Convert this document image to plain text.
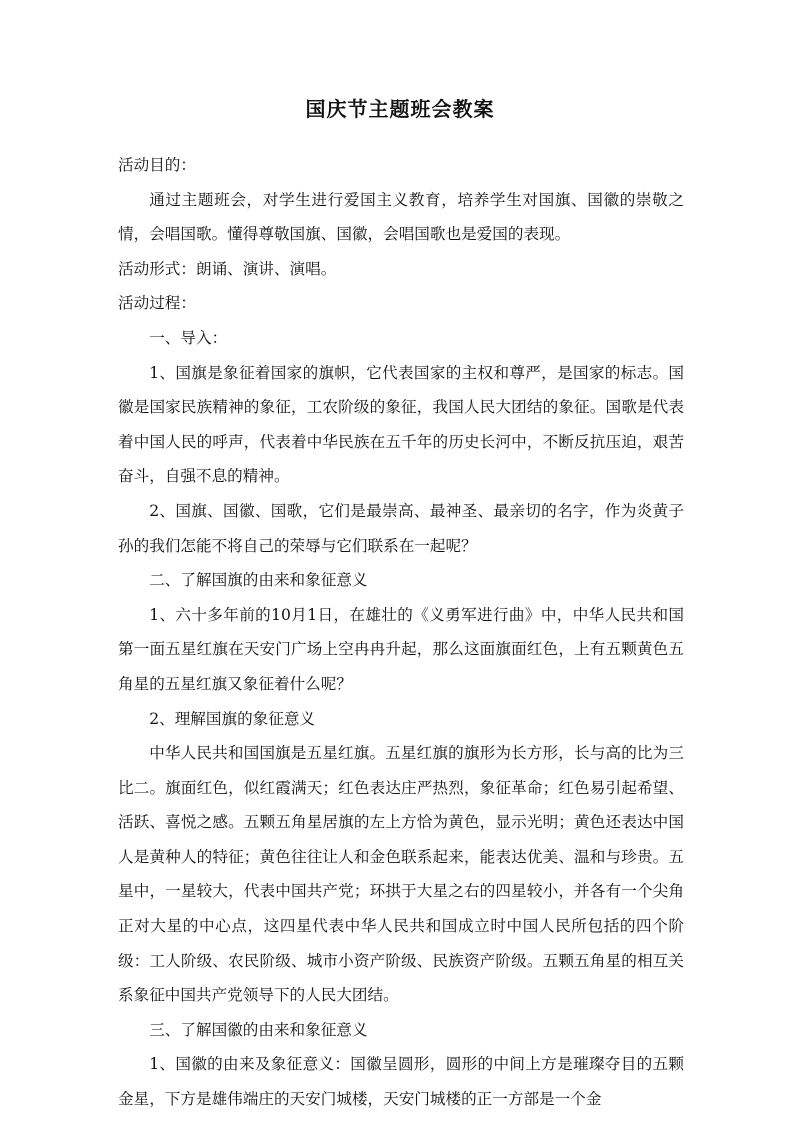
国庆节主题班会教案

活动目的：

通过主题班会，对学生进行爱国主义教育，培养学生对国旗、国徽的崇敬之情，会唱国歌。懂得尊敬国旗、国徽，会唱国歌也是爱国的表现。

活动形式：朗诵、演讲、演唱。

活动过程：

一、导入：

1、国旗是象征着国家的旗帜，它代表国家的主权和尊严，是国家的标志。国徽是国家民族精神的象征，工农阶级的象征，我国人民大团结的象征。国歌是代表着中国人民的呼声，代表着中华民族在五千年的历史长河中，不断反抗压迫，艰苦奋斗，自强不息的精神。

2、国旗、国徽、国歌，它们是最崇高、最神圣、最亲切的名字，作为炎黄子孙的我们怎能不将自己的荣辱与它们联系在一起呢？

二、了解国旗的由来和象征意义

1、六十多年前的10月1日，在雄壮的《义勇军进行曲》中，中华人民共和国第一面五星红旗在天安门广场上空冉冉升起，那么这面旗面红色，上有五颗黄色五角星的五星红旗又象征着什么呢？

2、理解国旗的象征意义

中华人民共和国国旗是五星红旗。五星红旗的旗形为长方形，长与高的比为三比二。旗面红色，似红霞满天；红色表达庄严热烈，象征革命；红色易引起希望、活跃、喜悦之感。五颗五角星居旗的左上方恰为黄色，显示光明；黄色还表达中国人是黄种人的特征；黄色往往让人和金色联系起来，能表达优美、温和与珍贵。五星中，一星较大，代表中国共产党；环拱于大星之右的四星较小，并各有一个尖角正对大星的中心点，这四星代表中华人民共和国成立时中国人民所包括的四个阶级：工人阶级、农民阶级、城市小资产阶级、民族资产阶级。五颗五角星的相互关系象征中国共产党领导下的人民大团结。

三、了解国徽的由来和象征意义

1、国徽的由来及象征意义：国徽呈圆形，圆形的中间上方是璀璨夺目的五颗金星，下方是雄伟端庄的天安门城楼，天安门城楼的正一方部是一个金
